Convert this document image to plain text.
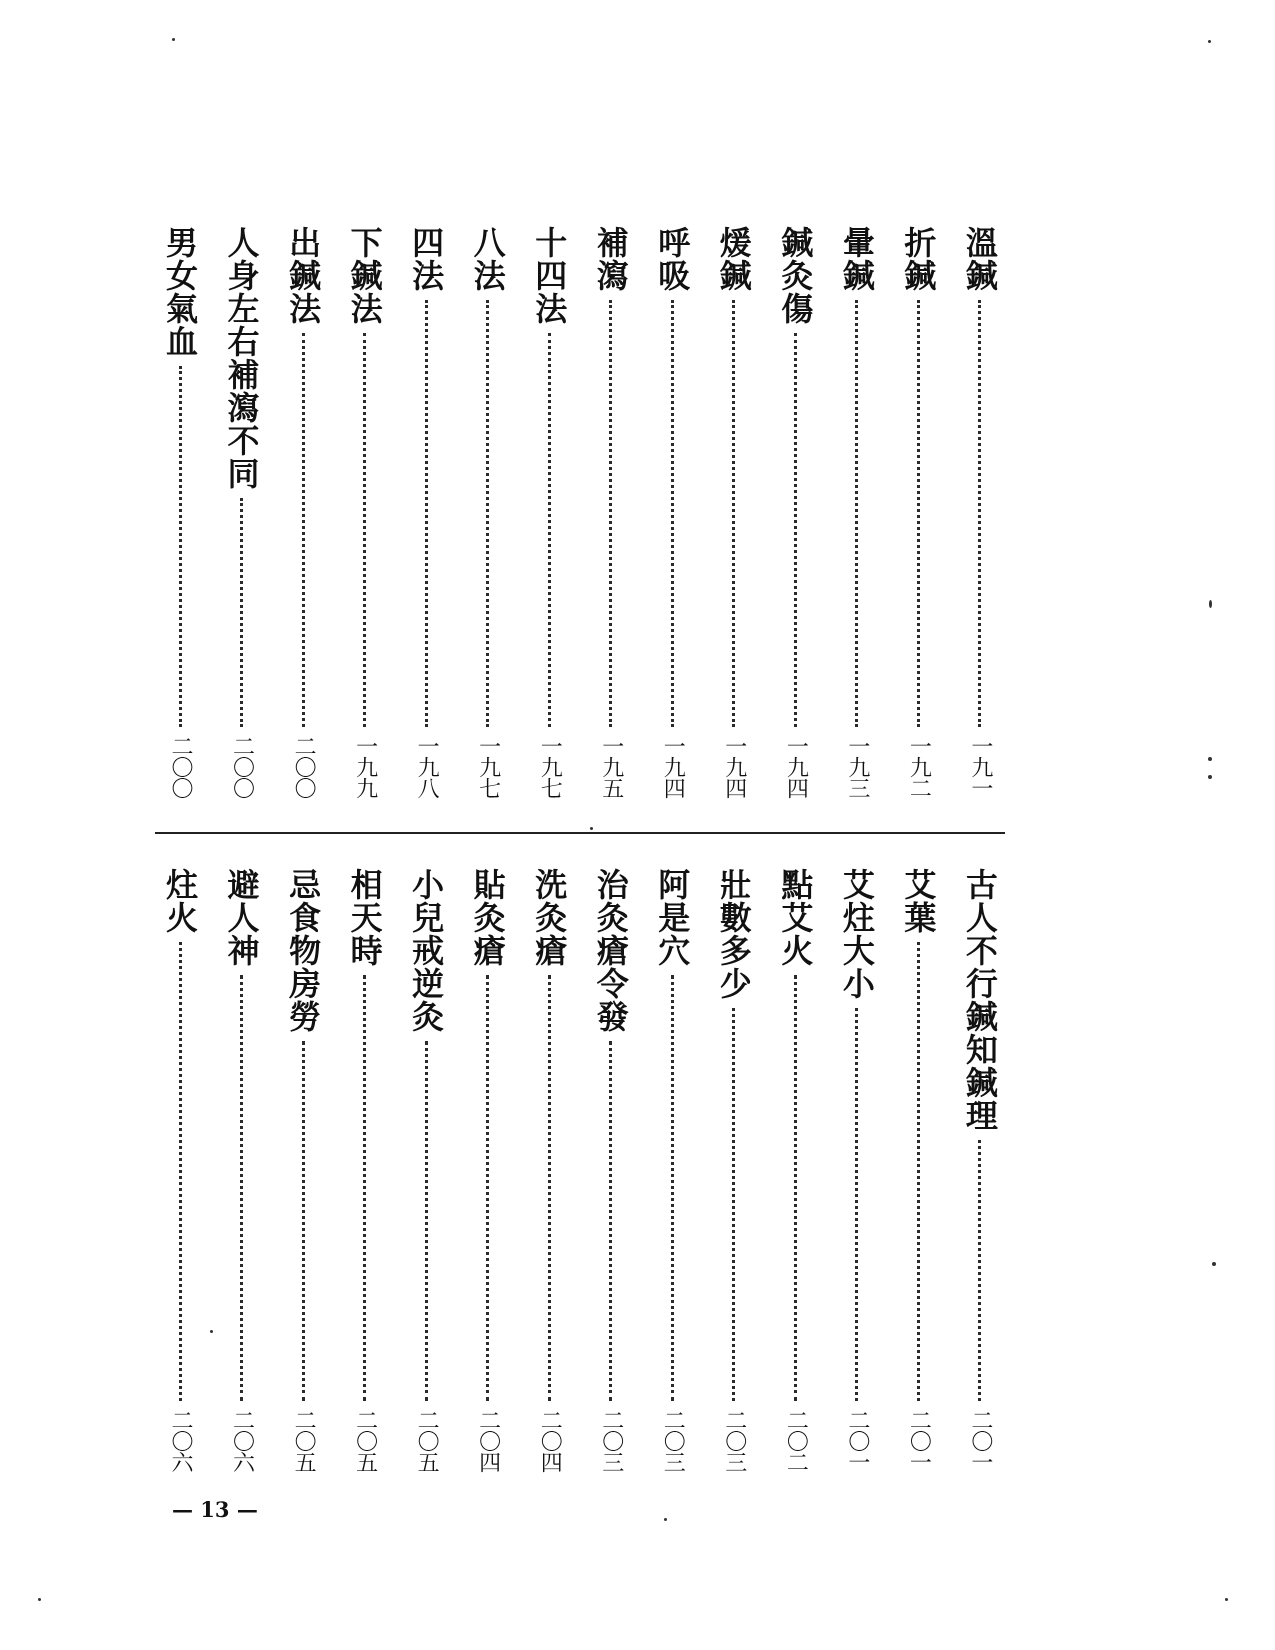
溫鍼
一九一
折鍼
一九二
暈鍼
一九三
鍼灸傷
一九四
煖鍼
一九四
呼吸
一九四
補瀉
一九五
十四法
一九七
八法
一九七
四法
一九八
下鍼法
一九九
出鍼法
二〇〇
人身左右補瀉不同
二〇〇
男女氣血
二〇〇
古人不行鍼知鍼理
二〇一
艾葉
二〇一
艾炷大小
二〇一
點艾火
二〇二
壯數多少
二〇三
阿是穴
二〇三
治灸瘡令發
二〇三
洗灸瘡
二〇四
貼灸瘡
二〇四
小兒戒逆灸
二〇五
相天時
二〇五
忌食物房勞
二〇五
避人神
二〇六
炷火
二〇六
— 13 —
